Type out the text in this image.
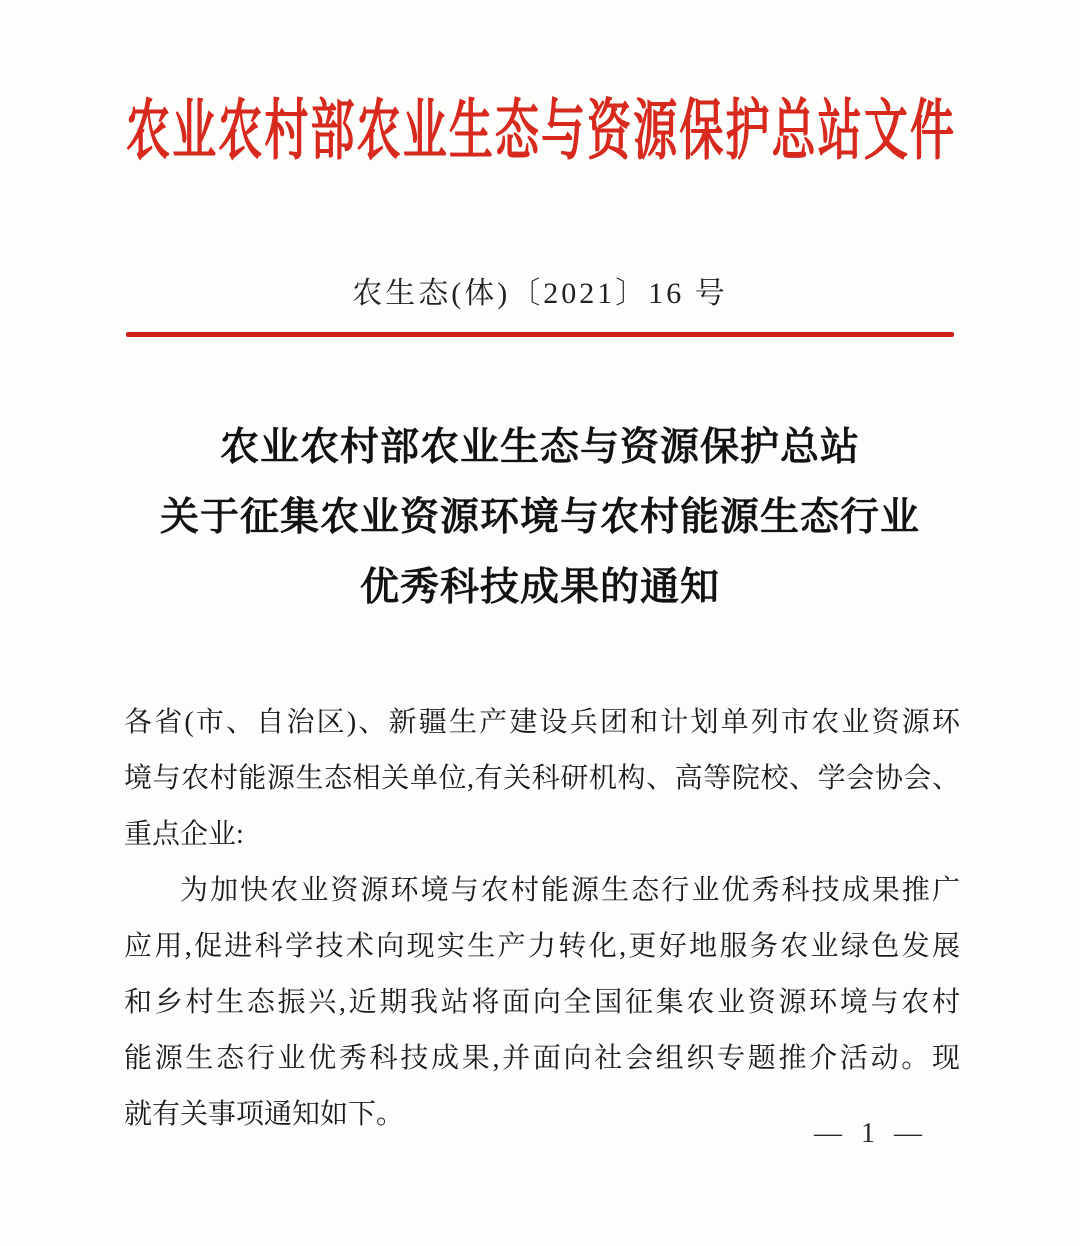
农业农村部农业生态与资源保护总站文件
农生态(体)〔2021〕16 号
农业农村部农业生态与资源保护总站
关于征集农业资源环境与农村能源生态行业
优秀科技成果的通知
各省(市、自治区)、新疆生产建设兵团和计划单列市农业资源环
境与农村能源生态相关单位,有关科研机构、高等院校、学会协会、
重点企业:
为加快农业资源环境与农村能源生态行业优秀科技成果推广
应用,促进科学技术向现实生产力转化,更好地服务农业绿色发展
和乡村生态振兴,近期我站将面向全国征集农业资源环境与农村
能源生态行业优秀科技成果,并面向社会组织专题推介活动。现
就有关事项通知如下。
— 1 —
